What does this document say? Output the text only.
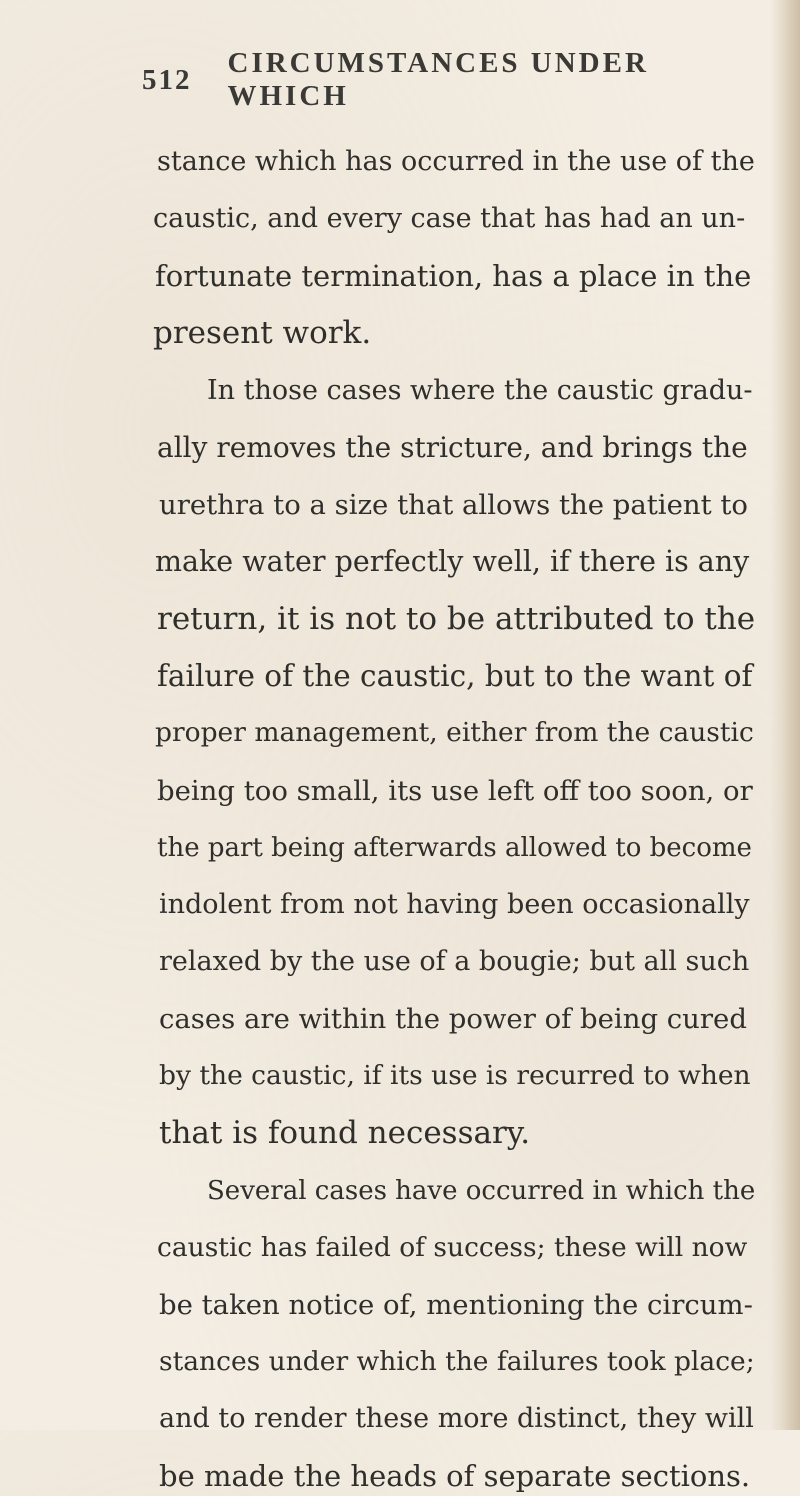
512
CIRCUMSTANCES UNDER WHICH
stance which has occurred in the use of the
caustic, and every case that has had an un-
fortunate termination, has a place in the
present work.
In those cases where the caustic gradu-
ally removes the stricture, and brings the
urethra to a size that allows the patient to
make water perfectly well, if there is any
return, it is not to be attributed to the
failure of the caustic, but to the want of
proper management, either from the caustic
being too small, its use left off too soon, or
the part being afterwards allowed to become
indolent from not having been occasionally
relaxed by the use of a bougie; but all such
cases are within the power of being cured
by the caustic, if its use is recurred to when
that is found necessary.
Several cases have occurred in which the
caustic has failed of success; these will now
be taken notice of, mentioning the circum-
stances under which the failures took place;
and to render these more distinct, they will
be made the heads of separate sections.
